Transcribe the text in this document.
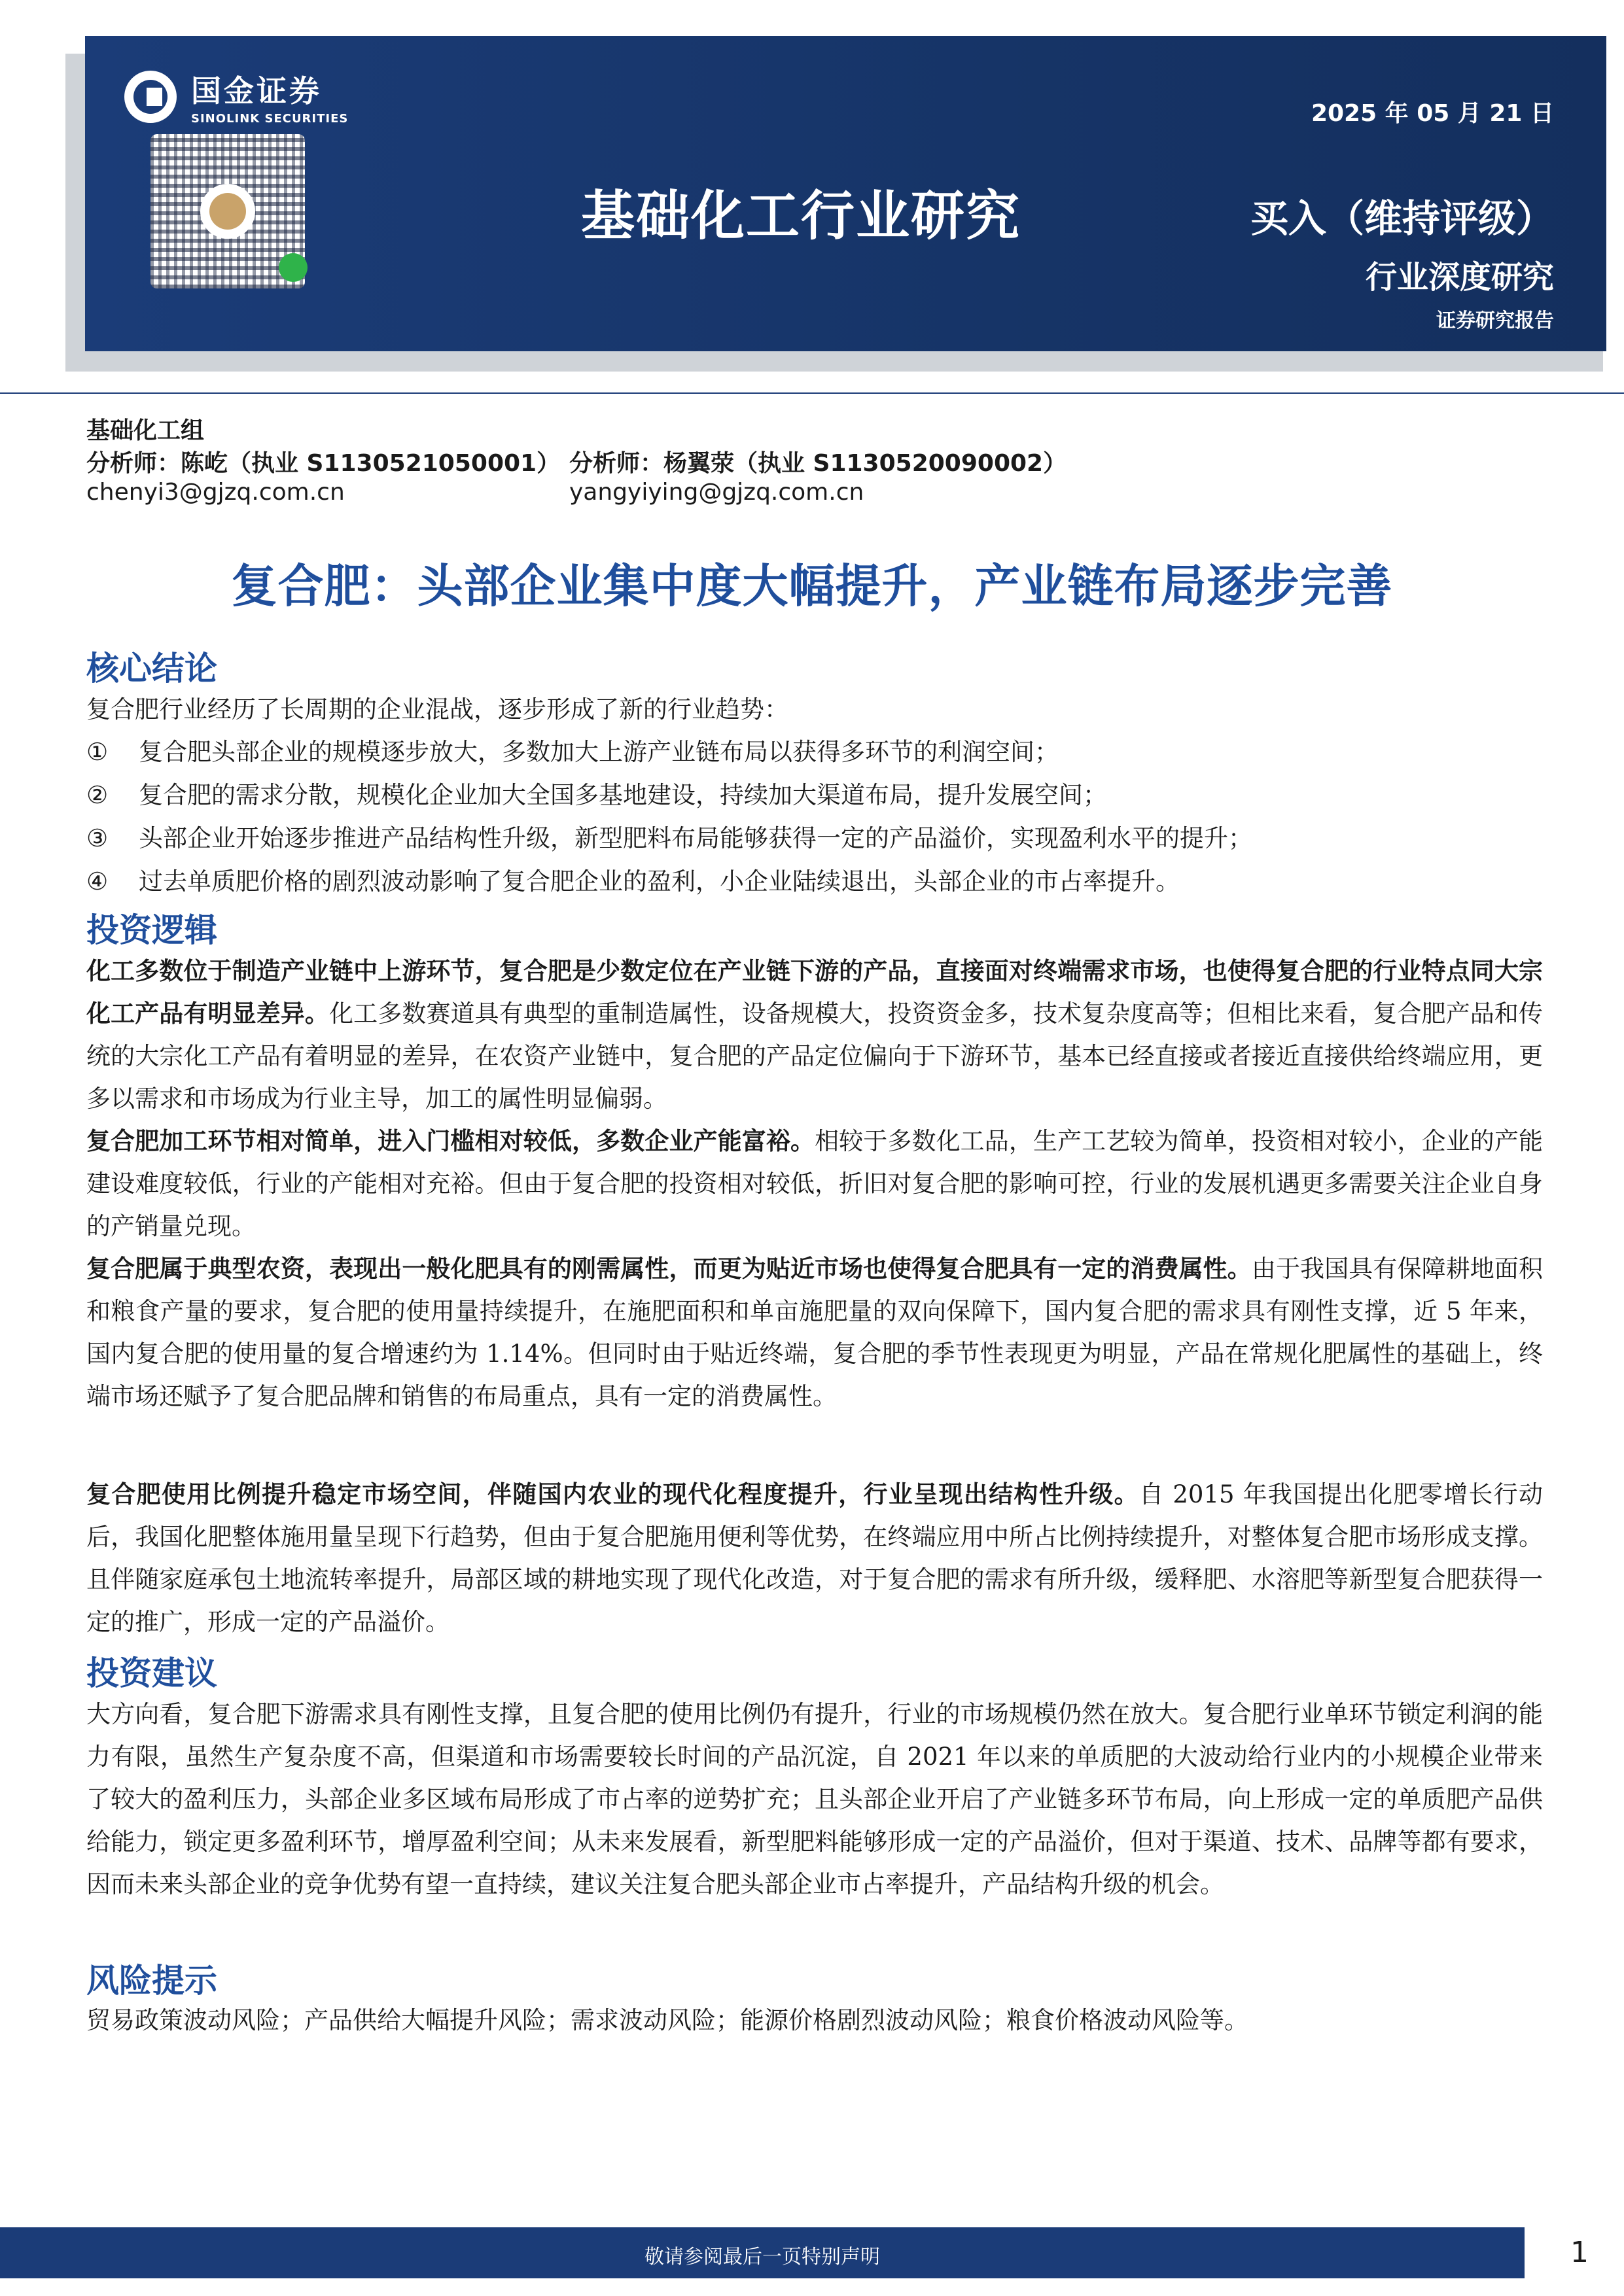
国金证券
SINOLINK SECURITIES
基础化工行业研究
2025 年 05 月 21 日
买入（维持评级）
行业深度研究
证券研究报告
基础化工组
分析师：陈屹（执业 S1130521050001） 分析师：杨翼荥（执业 S1130520090002）
chenyi3@gjzq.com.cn	yangyiying@gjzq.com.cn
复合肥：头部企业集中度大幅提升，产业链布局逐步完善
核心结论
复合肥行业经历了长周期的企业混战，逐步形成了新的行业趋势：
①	复合肥头部企业的规模逐步放大，多数加大上游产业链布局以获得多环节的利润空间；
②	复合肥的需求分散，规模化企业加大全国多基地建设，持续加大渠道布局，提升发展空间；
③	头部企业开始逐步推进产品结构性升级，新型肥料布局能够获得一定的产品溢价，实现盈利水平的提升；
④	过去单质肥价格的剧烈波动影响了复合肥企业的盈利，小企业陆续退出，头部企业的市占率提升。
投资逻辑
化工多数位于制造产业链中上游环节，复合肥是少数定位在产业链下游的产品，直接面对终端需求市场，也使得复合肥的行业特点同大宗化工产品有明显差异。化工多数赛道具有典型的重制造属性，设备规模大，投资资金多，技术复杂度高等；但相比来看，复合肥产品和传统的大宗化工产品有着明显的差异，在农资产业链中，复合肥的产品定位偏向于下游环节，基本已经直接或者接近直接供给终端应用，更多以需求和市场成为行业主导，加工的属性明显偏弱。
复合肥加工环节相对简单，进入门槛相对较低，多数企业产能富裕。相较于多数化工品，生产工艺较为简单，投资相对较小，企业的产能建设难度较低，行业的产能相对充裕。但由于复合肥的投资相对较低，折旧对复合肥的影响可控，行业的发展机遇更多需要关注企业自身的产销量兑现。
复合肥属于典型农资，表现出一般化肥具有的刚需属性，而更为贴近市场也使得复合肥具有一定的消费属性。由于我国具有保障耕地面积和粮食产量的要求，复合肥的使用量持续提升，在施肥面积和单亩施肥量的双向保障下，国内复合肥的需求具有刚性支撑，近 5 年来，国内复合肥的使用量的复合增速约为 1.14%。但同时由于贴近终端，复合肥的季节性表现更为明显，产品在常规化肥属性的基础上，终端市场还赋予了复合肥品牌和销售的布局重点，具有一定的消费属性。
复合肥使用比例提升稳定市场空间，伴随国内农业的现代化程度提升，行业呈现出结构性升级。自 2015 年我国提出化肥零增长行动后，我国化肥整体施用量呈现下行趋势，但由于复合肥施用便利等优势，在终端应用中所占比例持续提升，对整体复合肥市场形成支撑。且伴随家庭承包土地流转率提升，局部区域的耕地实现了现代化改造，对于复合肥的需求有所升级，缓释肥、水溶肥等新型复合肥获得一定的推广，形成一定的产品溢价。
投资建议
大方向看，复合肥下游需求具有刚性支撑，且复合肥的使用比例仍有提升，行业的市场规模仍然在放大。复合肥行业单环节锁定利润的能力有限，虽然生产复杂度不高，但渠道和市场需要较长时间的产品沉淀，自 2021 年以来的单质肥的大波动给行业内的小规模企业带来了较大的盈利压力，头部企业多区域布局形成了市占率的逆势扩充；且头部企业开启了产业链多环节布局，向上形成一定的单质肥产品供给能力，锁定更多盈利环节，增厚盈利空间；从未来发展看，新型肥料能够形成一定的产品溢价，但对于渠道、技术、品牌等都有要求，因而未来头部企业的竞争优势有望一直持续，建议关注复合肥头部企业市占率提升，产品结构升级的机会。
风险提示
贸易政策波动风险；产品供给大幅提升风险；需求波动风险；能源价格剧烈波动风险；粮食价格波动风险等。
敬请参阅最后一页特别声明	1
